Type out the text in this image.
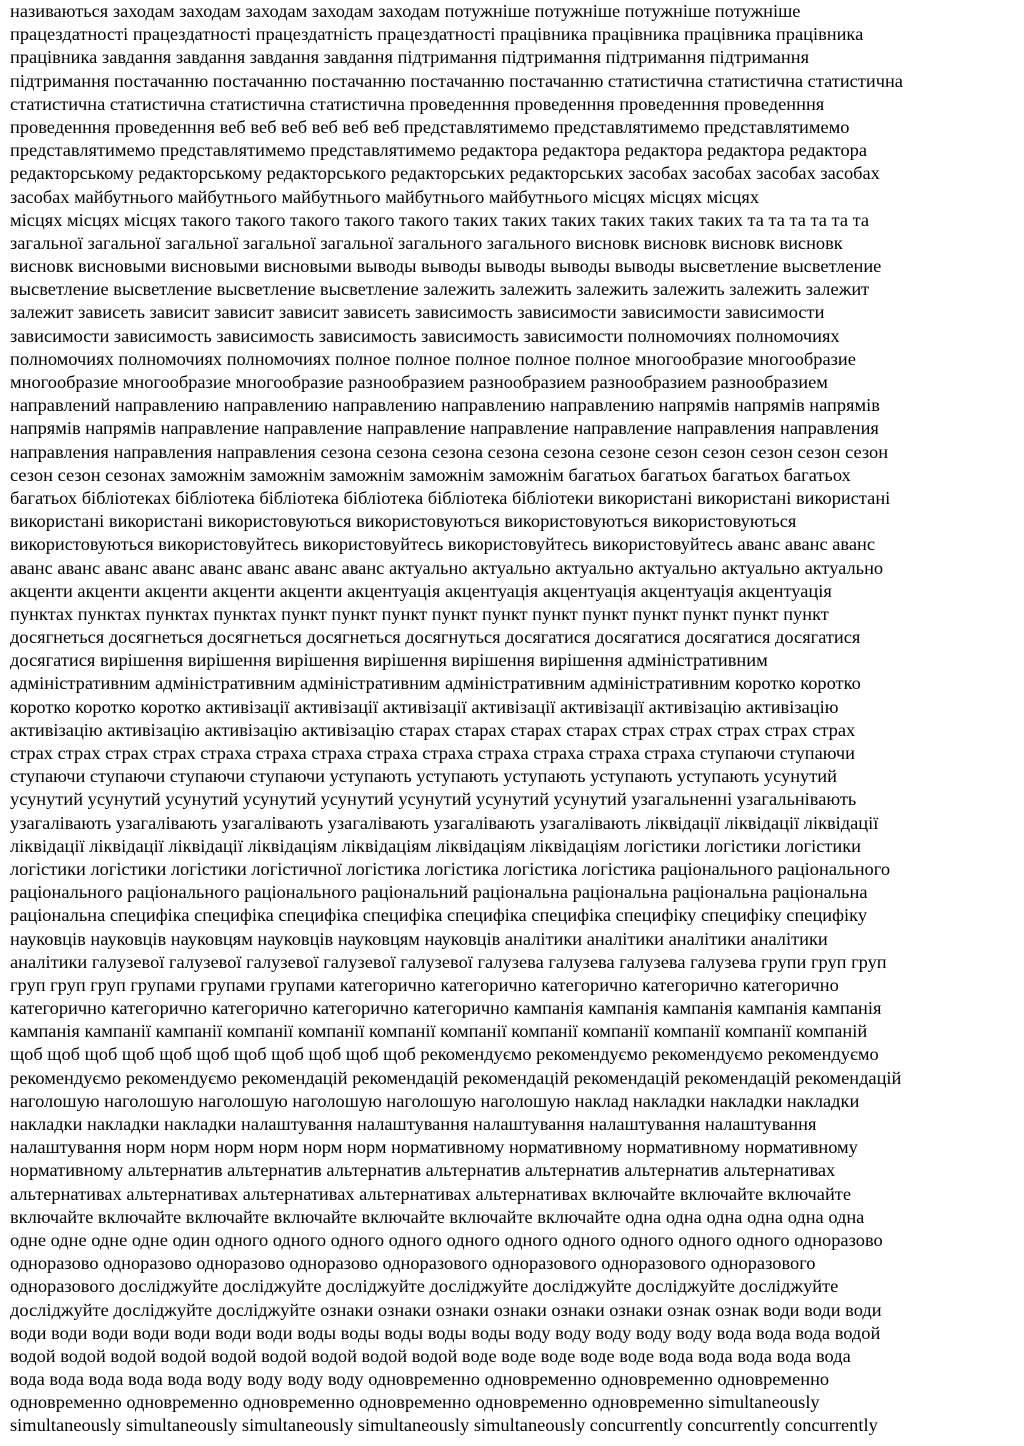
називаються заходам заходам заходам заходам заходам потужніше потужніше потужніше потужніше

працездатності працездатності працездатність працездатності працівника працівника працівника працівника

працівника завдання завдання завдання завдання підтримання підтримання підтримання підтримання

підтримання постачанню постачанню постачанню постачанню постачанню статистична статистична статистична

статистична статистична статистична статистична проведенння проведенння проведенння проведенння

проведенння проведенння веб веб веб веб веб веб представлятимемо представлятимемо представлятимемо

представлятимемо представлятимемо представлятимемо редактора редактора редактора редактора редактора

редакторському редакторському редакторського редакторських редакторських засобах засобах засобах засобах

засобах майбутнього майбутнього майбутнього майбутнього майбутнього місцях місцях місцях

місцях місцях місцях такого такого такого такого такого таких таких таких таких таких таких та та та та та та

загальної загальної загальної загальної загальної загального загального висновк висновк висновк висновк

висновк висновыми висновыми висновыми выводы выводы выводы выводы выводы высветление высветление

высветление высветление высветление высветление залежить залежить залежить залежить залежить залежит

залежит зависеть зависит зависит зависит зависеть зависимость зависимости зависимости зависимости

зависимости зависимость зависимость зависимость зависимость зависимости полномочиях полномочиях

полномочиях полномочиях полномочиях полное полное полное полное полное многообразие многообразие

многообразие многообразие многообразие разнообразием разнообразием разнообразием разнообразием

направлений направлению направлению направлению направлению направлению напрямів напрямів напрямів

напрямів напрямів направление направление направление направление направление направления направления

направления направления направления сезона сезона сезона сезона сезона сезоне сезон сезон сезон сезон сезон

сезон сезон сезонах заможнім заможнім заможнім заможнім заможнім багатьох багатьох багатьох багатьох

багатьох бібліотеках бібліотека бібліотека бібліотека бібліотека бібліотеки використані використані використані

використані використані використовуються використовуються використовуються використовуються

використовуються використовуйтесь використовуйтесь використовуйтесь використовуйтесь аванс аванс аванс

аванс аванс аванс аванс аванс аванс аванс аванс актуально актуально актуально актуально актуально актуально

акценти акценти акценти акценти акценти акцентуація акцентуація акцентуація акцентуація акцентуація

пунктах пунктах пунктах пунктах пункт пункт пункт пункт пункт пункт пункт пункт пункт пункт пункт

досягнеться досягнеться досягнеться досягнеться досягнуться досягатися досягатися досягатися досягатися

досягатися вирішення вирішення вирішення вирішення вирішення вирішення адміністративним

адміністративним адміністративним адміністративним адміністративним адміністративним коротко коротко

коротко коротко коротко активізації активізації активізації активізації активізації активізацію активізацію

активізацію активізацію активізацію активізацію старах старах старах старах страх страх страх страх страх

страх страх страх страх страха страха страха страха страха страха страха страха страха ступаючи ступаючи

ступаючи ступаючи ступаючи ступаючи уступають уступають уступають уступають уступають усунутий

усунутий усунутий усунутий усунутий усунутий усунутий усунутий усунутий узагальненні узагальнівають

узагалівають узагалівають узагалівають узагалівають узагалівають узагалівають ліквідації ліквідації ліквідації

ліквідації ліквідації ліквідації ліквідаціям ліквідаціям ліквідаціям ліквідаціям логістики логістики логістики

логістики логістики логістики логістичної логістика логістика логістика логістика раціонального раціонального

раціонального раціонального раціонального раціональний раціональна раціональна раціональна раціональна

раціональна специфіка специфіка специфіка специфіка специфіка специфіка специфіку специфіку специфіку

науковців науковців науковцям науковців науковцям науковців аналітики аналітики аналітики аналітики

аналітики галузевої галузевої галузевої галузевої галузевої галузева галузева галузева галузева групи груп груп

груп груп груп групами групами групами категорично категорично категорично категорично категорично

категорично категорично категорично категорично категорично кампанія кампанія кампанія кампанія кампанія

кампанія кампанії кампанії компанії компанії компанії компанії компанії компанії компанії компанії компаній

щоб щоб щоб щоб щоб щоб щоб щоб щоб щоб щоб рекомендуємо рекомендуємо рекомендуємо рекомендуємо

рекомендуємо рекомендуємо рекомендацій рекомендацій рекомендацій рекомендацій рекомендацій рекомендацій

наголошую наголошую наголошую наголошую наголошую наголошую наклад накладки накладки накладки

накладки накладки накладки налаштування налаштування налаштування налаштування налаштування

налаштування норм норм норм норм норм норм нормативному нормативному нормативному нормативному

нормативному альтернатив альтернатив альтернатив альтернатив альтернатив альтернатив альтернативах

альтернативах альтернативах альтернативах альтернативах альтернативах включайте включайте включайте

включайте включайте включайте включайте включайте включайте включайте одна одна одна одна одна одна

одне одне одне одне один одного одного одного одного одного одного одного одного одного одного одноразово

одноразово одноразово одноразово одноразово одноразового одноразового одноразового одноразового

одноразового досліджуйте досліджуйте досліджуйте досліджуйте досліджуйте досліджуйте досліджуйте

досліджуйте досліджуйте досліджуйте ознаки ознаки ознаки ознаки ознаки ознаки ознак ознак води води води

води води води води води води води воды воды воды воды воды воду воду воду воду воду вода вода вода водой

водой водой водой водой водой водой водой водой водой воде воде воде воде воде вода вода вода вода вода

вода вода вода вода вода воду воду воду воду одновременно одновременно одновременно одновременно

одновременно одновременно одновременно одновременно одновременно одновременно simultaneously

simultaneously simultaneously simultaneously simultaneously simultaneously concurrently concurrently concurrently
